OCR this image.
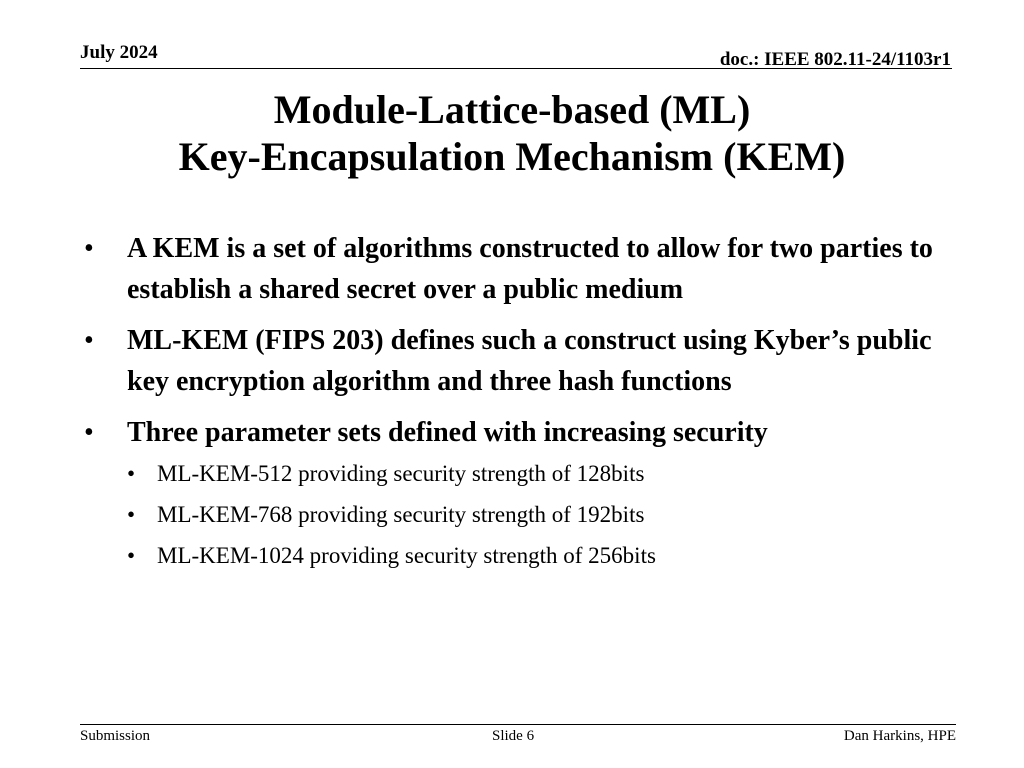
July 2024	doc.: IEEE 802.11-24/1103r1
Module-Lattice-based (ML)
Key-Encapsulation Mechanism (KEM)
• A KEM is a set of algorithms constructed to allow for two parties to establish a shared secret over a public medium
• ML-KEM (FIPS 203) defines such a construct using Kyber’s public key encryption algorithm and three hash functions
• Three parameter sets defined with increasing security
• ML-KEM-512 providing security strength of 128bits
• ML-KEM-768 providing security strength of 192bits
• ML-KEM-1024 providing security strength of 256bits
Submission	Slide 6	Dan Harkins, HPE
